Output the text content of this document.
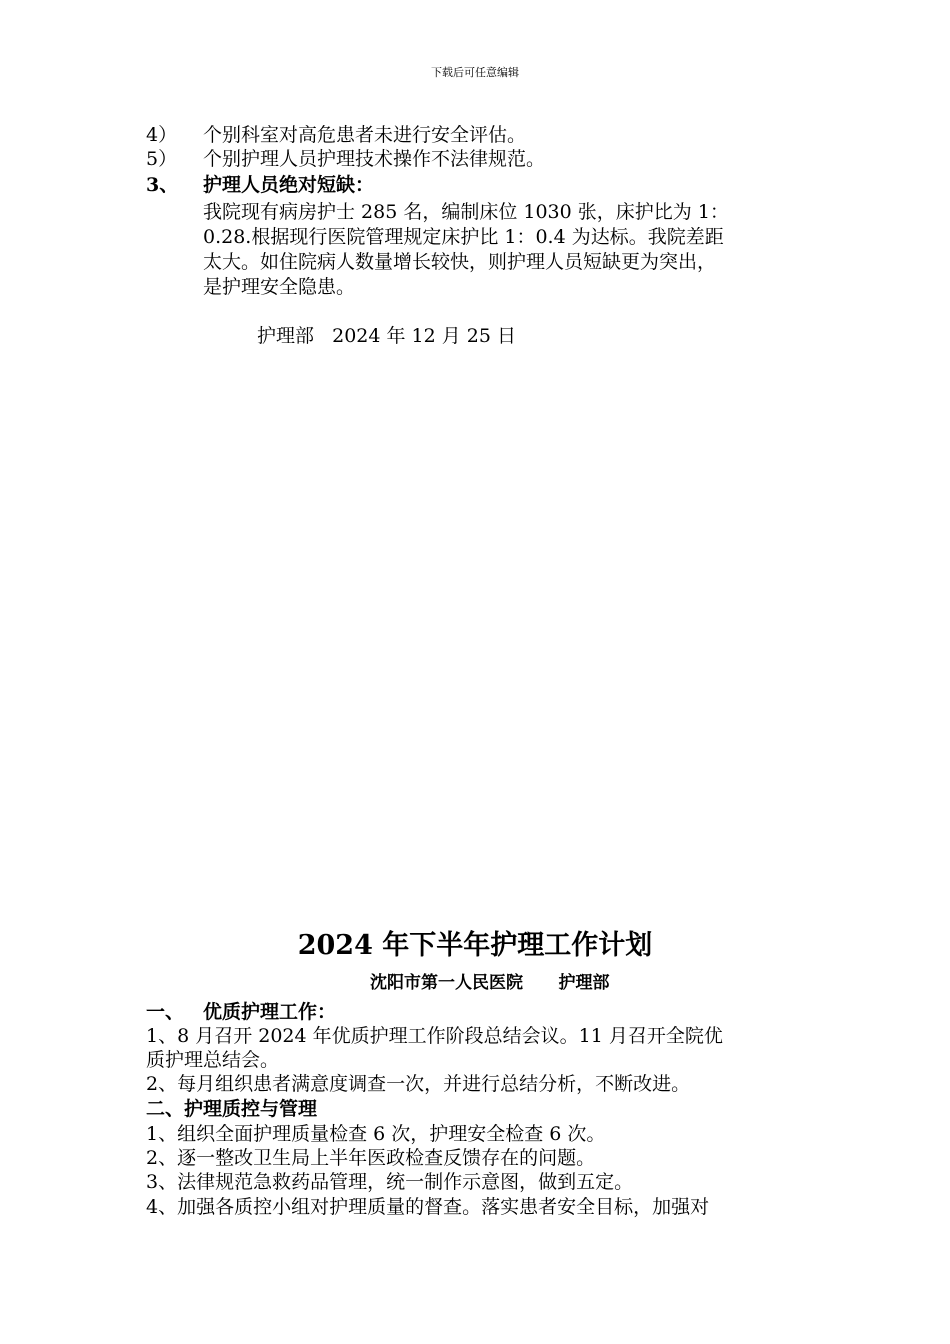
下载后可任意编辑
4） 个别科室对高危患者未进行安全评估。
5） 个别护理人员护理技术操作不法律规范。
3、 护理人员绝对短缺：
我院现有病房护士 285 名，编制床位 1030 张，床护比为 1：
0.28.根据现行医院管理规定床护比 1：0.4 为达标。我院差距
太大。如住院病人数量增长较快，则护理人员短缺更为突出，
是护理安全隐患。
护理部   2024 年 12 月 25 日
2024 年下半年护理工作计划
沈阳市第一人民医院      护理部
一、 优质护理工作：
1、8 月召开 2024 年优质护理工作阶段总结会议。11 月召开全院优
质护理总结会。
2、每月组织患者满意度调查一次，并进行总结分析，不断改进。
二、护理质控与管理
1、组织全面护理质量检查 6 次，护理安全检查 6 次。
2、逐一整改卫生局上半年医政检查反馈存在的问题。
3、法律规范急救药品管理，统一制作示意图，做到五定。
4、加强各质控小组对护理质量的督查。落实患者安全目标，加强对
